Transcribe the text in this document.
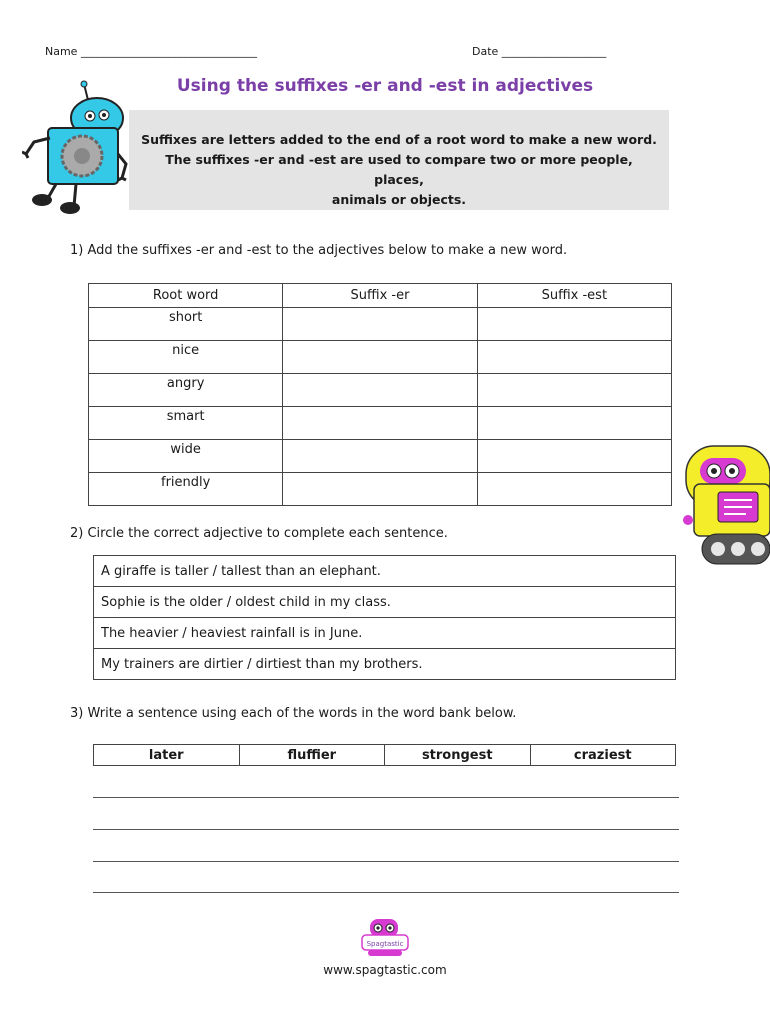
Name ________________________________	Date ___________________
Using the suffixes -er and -est in adjectives
Suffixes are letters added to the end of a root word to make a new word.
The suffixes -er and -est are used to compare two or more people, places,
animals or objects.
1) Add the suffixes -er and -est to the adjectives below to make a new word.
Root word	Suffix -er	Suffix -est
short		
nice		
angry		
smart		
wide		
friendly		
2) Circle the correct adjective to complete each sentence.
A giraffe is taller / tallest than an elephant.
Sophie is the older / oldest child in my class.
The heavier / heaviest rainfall is in June.
My trainers are dirtier / dirtiest than my brothers.
3) Write a sentence using each of the words in the word bank below.
later	fluffier	strongest	craziest
Spagtastic
www.spagtastic.com
